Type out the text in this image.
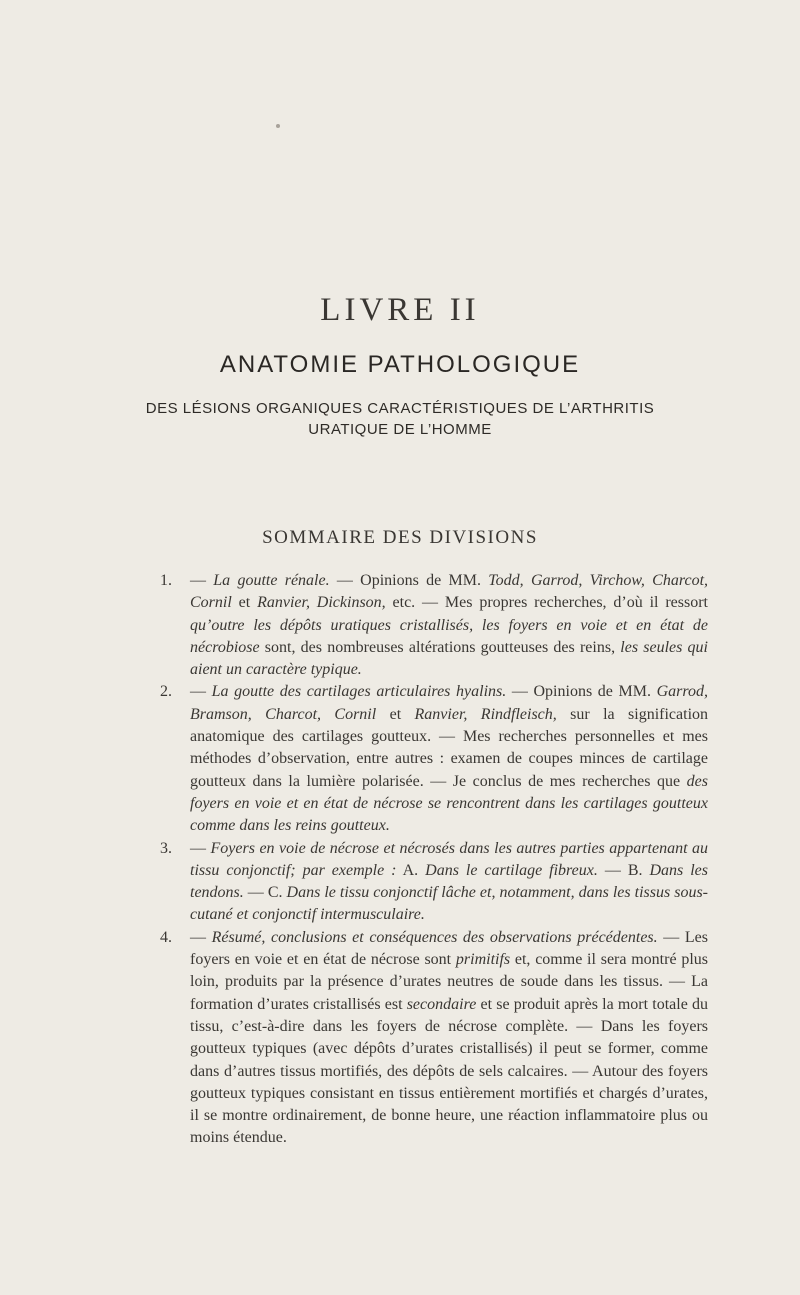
LIVRE II
ANATOMIE PATHOLOGIQUE
DES LÉSIONS ORGANIQUES CARACTÉRISTIQUES DE L’ARTHRITIS
URATIQUE DE L’HOMME
SOMMAIRE DES DIVISIONS

1. — La goutte rénale. — Opinions de MM. Todd, Garrod, Virchow, Charcot, Cornil et Ranvier, Dickinson, etc. — Mes propres recherches, d’où il ressort qu’outre les dépôts uratiques cristallisés, les foyers en voie et en état de nécrobiose sont, des nombreuses altérations goutteuses des reins, les seules qui aient un caractère typique.

2. — La goutte des cartilages articulaires hyalins. — Opinions de MM. Garrod, Bramson, Charcot, Cornil et Ranvier, Rindfleisch, sur la signification anatomique des cartilages goutteux. — Mes recherches personnelles et mes méthodes d’observation, entre autres : examen de coupes minces de cartilage goutteux dans la lumière polarisée. — Je conclus de mes recherches que des foyers en voie et en état de nécrose se rencontrent dans les cartilages goutteux comme dans les reins goutteux.

3. — Foyers en voie de nécrose et nécrosés dans les autres parties appartenant au tissu conjonctif; par exemple : A. Dans le cartilage fibreux. — B. Dans les tendons. — C. Dans le tissu conjonctif lâche et, notamment, dans les tissus sous-cutané et conjonctif intermusculaire.

4. — Résumé, conclusions et conséquences des observations précédentes. — Les foyers en voie et en état de nécrose sont primitifs et, comme il sera montré plus loin, produits par la présence d’urates neutres de soude dans les tissus. — La formation d’urates cristallisés est secondaire et se produit après la mort totale du tissu, c’est-à-dire dans les foyers de nécrose complète. — Dans les foyers goutteux typiques (avec dépôts d’urates cristallisés) il peut se former, comme dans d’autres tissus mortifiés, des dépôts de sels calcaires. — Autour des foyers goutteux typiques consistant en tissus entièrement mortifiés et chargés d’urates, il se montre ordinairement, de bonne heure, une réaction inflammatoire plus ou moins étendue.
